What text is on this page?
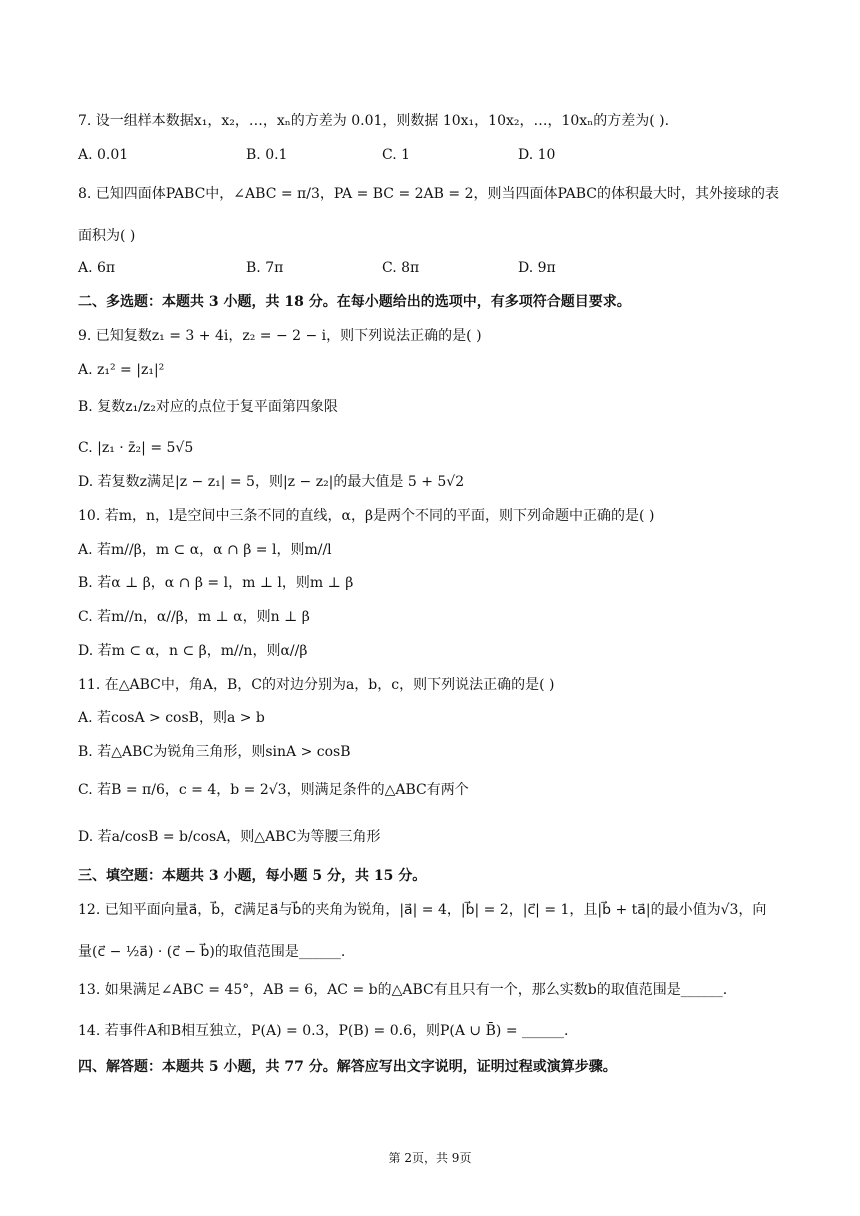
7. 设一组样本数据x₁，x₂，…，xₙ的方差为 0.01，则数据 10x₁，10x₂，…，10xₙ的方差为( ).
A. 0.01	B. 0.1	C. 1	D. 10
8. 已知四面体PABC中，∠ABC = π/3，PA = BC = 2AB = 2，则当四面体PABC的体积最大时，其外接球的表
面积为( )
A. 6π	B. 7π	C. 8π	D. 9π
二、多选题：本题共 3 小题，共 18 分。在每小题给出的选项中，有多项符合题目要求。
9. 已知复数z₁ = 3 + 4i，z₂ = − 2 − i，则下列说法正确的是( )
A. z₁² = |z₁|²
B. 复数z₁/z₂对应的点位于复平面第四象限
C. |z₁ · z̄₂| = 5√5
D. 若复数z满足|z − z₁| = 5，则|z − z₂|的最大值是 5 + 5√2
10. 若m，n，l是空间中三条不同的直线，α，β是两个不同的平面，则下列命题中正确的是( )
A. 若m//β，m ⊂ α，α ∩ β = l，则m//l
B. 若α ⊥ β，α ∩ β = l，m ⊥ l，则m ⊥ β
C. 若m//n，α//β，m ⊥ α，则n ⊥ β
D. 若m ⊂ α，n ⊂ β，m//n，则α//β
11. 在△ABC中，角A，B，C的对边分别为a，b，c，则下列说法正确的是( )
A. 若cosA > cosB，则a > b
B. 若△ABC为锐角三角形，则sinA > cosB
C. 若B = π/6，c = 4，b = 2√3，则满足条件的△ABC有两个
D. 若a/cosB = b/cosA，则△ABC为等腰三角形
三、填空题：本题共 3 小题，每小题 5 分，共 15 分。
12. 已知平面向量a⃗，b⃗，c⃗满足a⃗与b⃗的夹角为锐角，|a⃗| = 4，|b⃗| = 2，|c⃗| = 1，且|b⃗ + ta⃗|的最小值为√3，向
量(c⃗ − ½a⃗) · (c⃗ − b⃗)的取值范围是______.
13. 如果满足∠ABC = 45°，AB = 6，AC = b的△ABC有且只有一个，那么实数b的取值范围是______.
14. 若事件A和B相互独立，P(A) = 0.3，P(B) = 0.6，则P(A ∪ B̄) = ______.
四、解答题：本题共 5 小题，共 77 分。解答应写出文字说明，证明过程或演算步骤。
第 2页，共 9页
